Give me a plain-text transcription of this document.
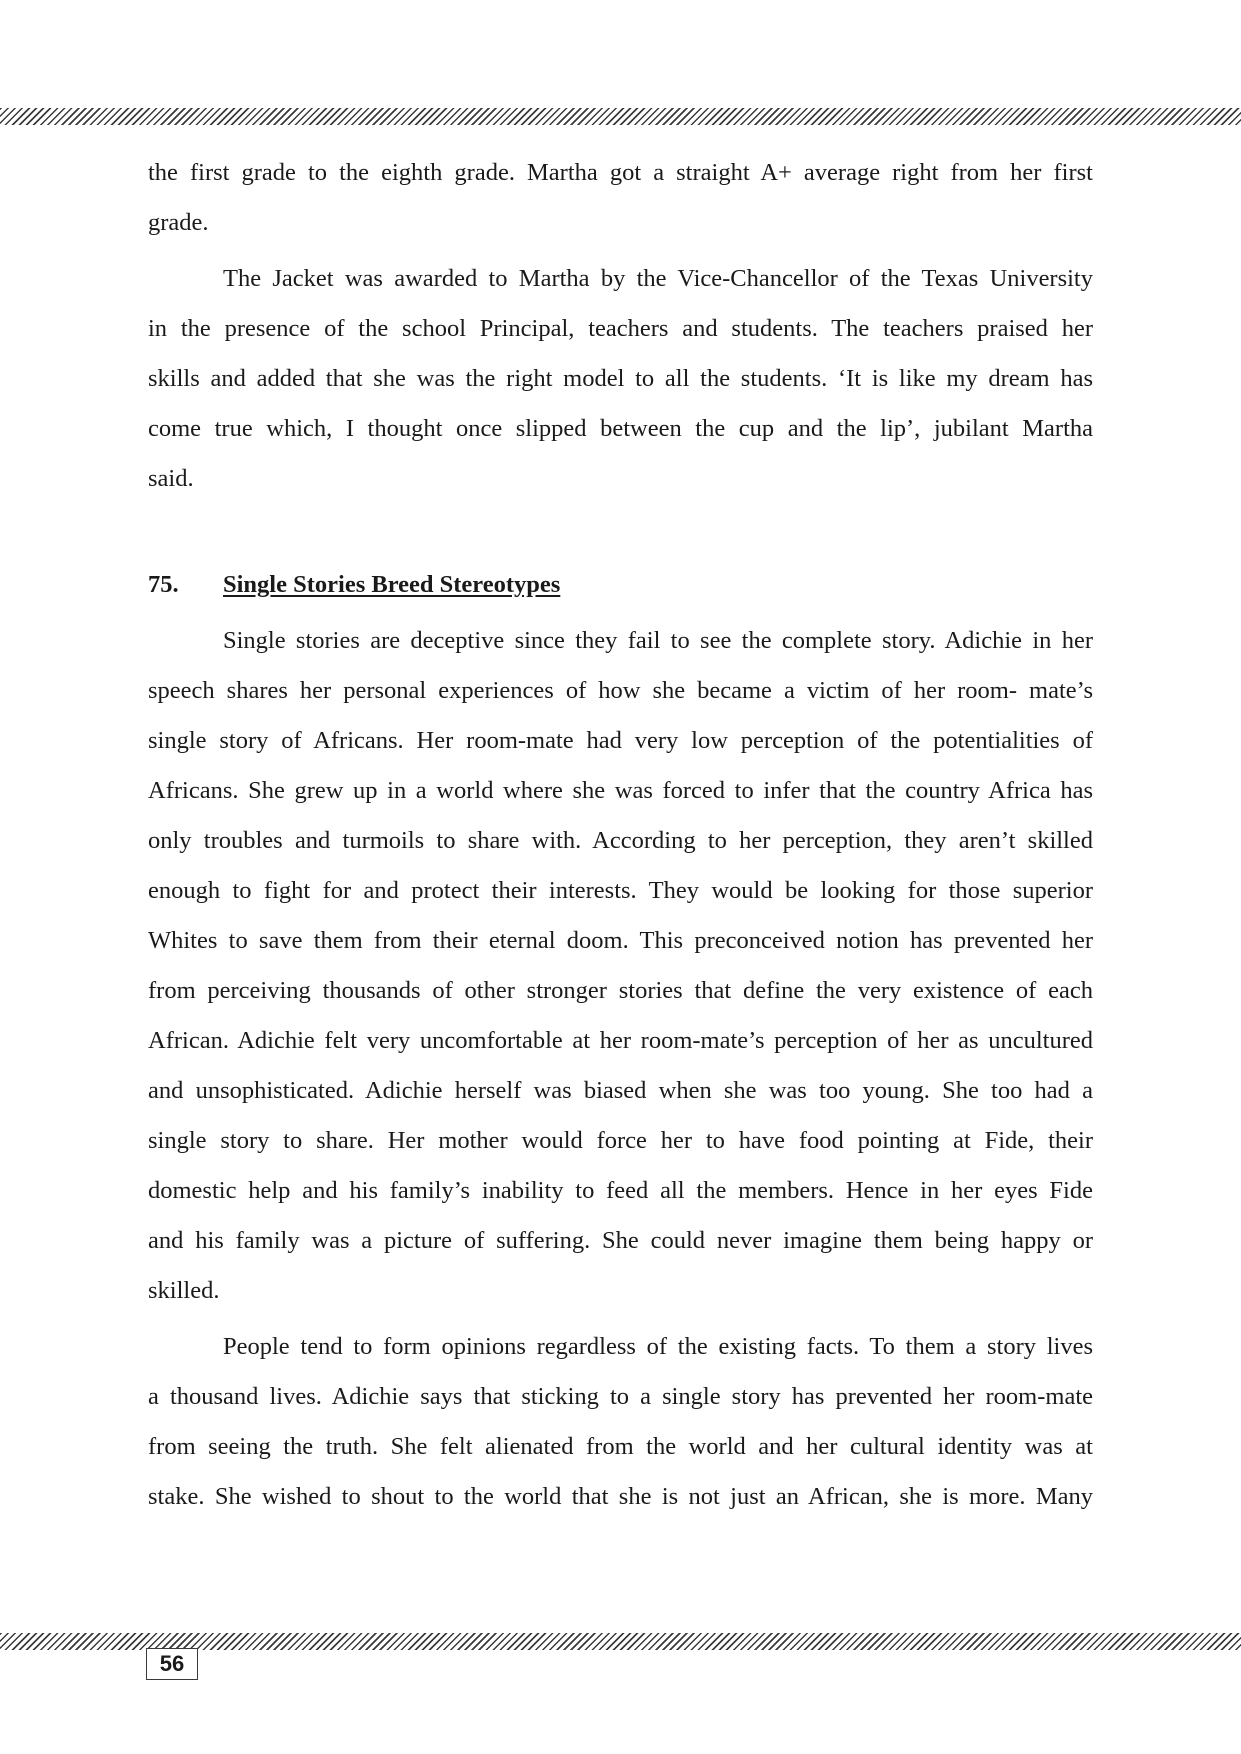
the first grade to the eighth grade. Martha got a straight A+ average right from her first
grade.
The Jacket was awarded to Martha by the Vice-Chancellor of the Texas University
in the presence of the school Principal, teachers and students. The teachers praised her
skills and added that she was the right model to all the students. ‘It is like my dream has
come true which, I thought once slipped between the cup and the lip’, jubilant Martha
said.
75.	Single Stories Breed Stereotypes
Single stories are deceptive since they fail to see the complete story. Adichie in her
speech shares her personal experiences of how she became a victim of her room- mate’s
single story of Africans. Her room-mate had very low perception of the potentialities of
Africans. She grew up in a world where she was forced to infer that the country Africa has
only troubles and turmoils to share with. According to her perception, they aren’t skilled
enough to fight for and protect their interests. They would be looking for those superior
Whites to save them from their eternal doom. This preconceived notion has prevented her
from perceiving thousands of other stronger stories that define the very existence of each
African. Adichie felt very uncomfortable at her room-mate’s perception of her as uncultured
and unsophisticated. Adichie herself was biased when she was too young. She too had a
single story to share. Her mother would force her to have food pointing at Fide, their
domestic help and his family’s inability to feed all the members. Hence in her eyes Fide
and his family was a picture of suffering. She could never imagine them being happy or
skilled.
People tend to form opinions regardless of the existing facts. To them a story lives
a thousand lives. Adichie says that sticking to a single story has prevented her room-mate
from seeing the truth. She felt alienated from the world and her cultural identity was at
stake. She wished to shout to the world that she is not just an African, she is more. Many
56
